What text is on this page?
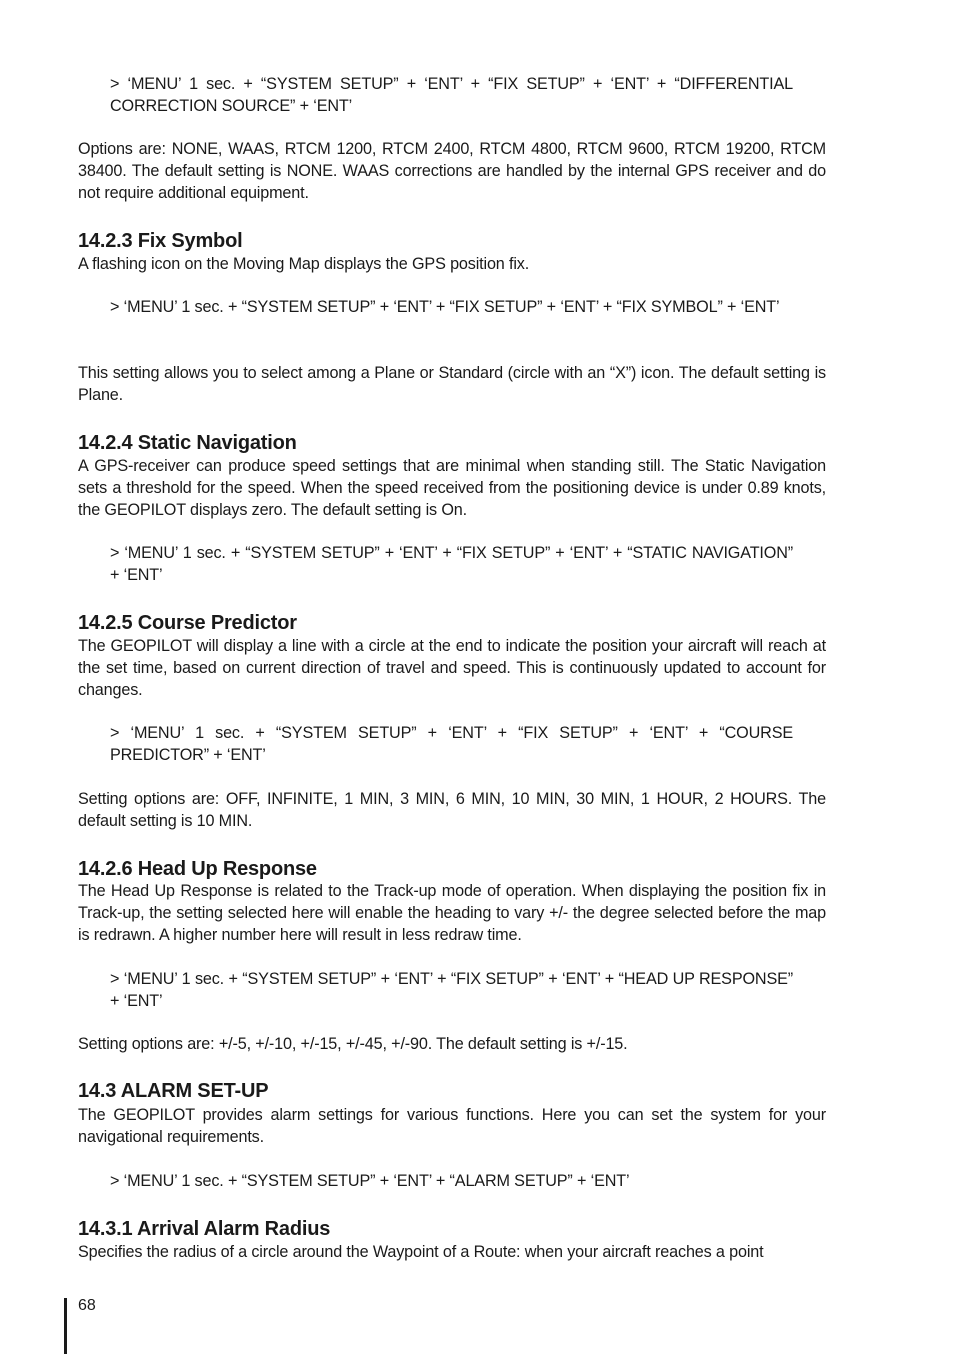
> ‘MENU’ 1 sec. + “SYSTEM SETUP” + ‘ENT’ + “FIX SETUP” + ‘ENT’ + “DIFFERENTIAL CORRECTION SOURCE” + ‘ENT’

Options are: NONE, WAAS, RTCM 1200, RTCM 2400, RTCM 4800, RTCM 9600, RTCM 19200, RTCM 38400. The default setting is NONE. WAAS corrections are handled by the internal GPS receiver and do not require additional equipment.

14.2.3 Fix Symbol

A flashing icon on the Moving Map displays the GPS position fix.

> ‘MENU’ 1 sec. + “SYSTEM SETUP” + ‘ENT’ + “FIX SETUP” + ‘ENT’ + “FIX SYMBOL” + ‘ENT’

This setting allows you to select among a Plane or Standard (circle with an “X”) icon. The default setting is Plane.

14.2.4 Static Navigation

A GPS-receiver can produce speed settings that are minimal when standing still. The Static Navigation sets a threshold for the speed. When the speed received from the positioning device is under 0.89 knots, the GEOPILOT displays zero. The default setting is On.

> ‘MENU’ 1 sec. + “SYSTEM SETUP” + ‘ENT’ + “FIX SETUP” + ‘ENT’ + “STATIC NAVIGATION” + ‘ENT’

14.2.5 Course Predictor

The GEOPILOT will display a line with a circle at the end to indicate the position your aircraft will reach at the set time, based on current direction of travel and speed. This is continuously updated to account for changes.

> ‘MENU’ 1 sec. + “SYSTEM SETUP” + ‘ENT’ + “FIX SETUP” + ‘ENT’ + “COURSE PREDICTOR” + ‘ENT’

Setting options are: OFF, INFINITE, 1 MIN, 3 MIN, 6 MIN, 10 MIN, 30 MIN, 1 HOUR, 2 HOURS. The default setting is 10 MIN.

14.2.6 Head Up Response

The Head Up Response is related to the Track-up mode of operation. When displaying the position fix in Track-up, the setting selected here will enable the heading to vary +/- the degree selected before the map is redrawn. A higher number here will result in less redraw time.

> ‘MENU’ 1 sec. + “SYSTEM SETUP” + ‘ENT’ + “FIX SETUP” + ‘ENT’ + “HEAD UP RESPONSE” + ‘ENT’

Setting options are: +/-5, +/-10, +/-15, +/-45, +/-90. The default setting is +/-15.

14.3 ALARM SET-UP

The GEOPILOT provides alarm settings for various functions. Here you can set the system for your navigational requirements.

> ‘MENU’ 1 sec. + “SYSTEM SETUP” + ‘ENT’ + “ALARM SETUP” + ‘ENT’

14.3.1 Arrival Alarm Radius

Specifies the radius of a circle around the Waypoint of a Route: when your aircraft reaches a point

68
